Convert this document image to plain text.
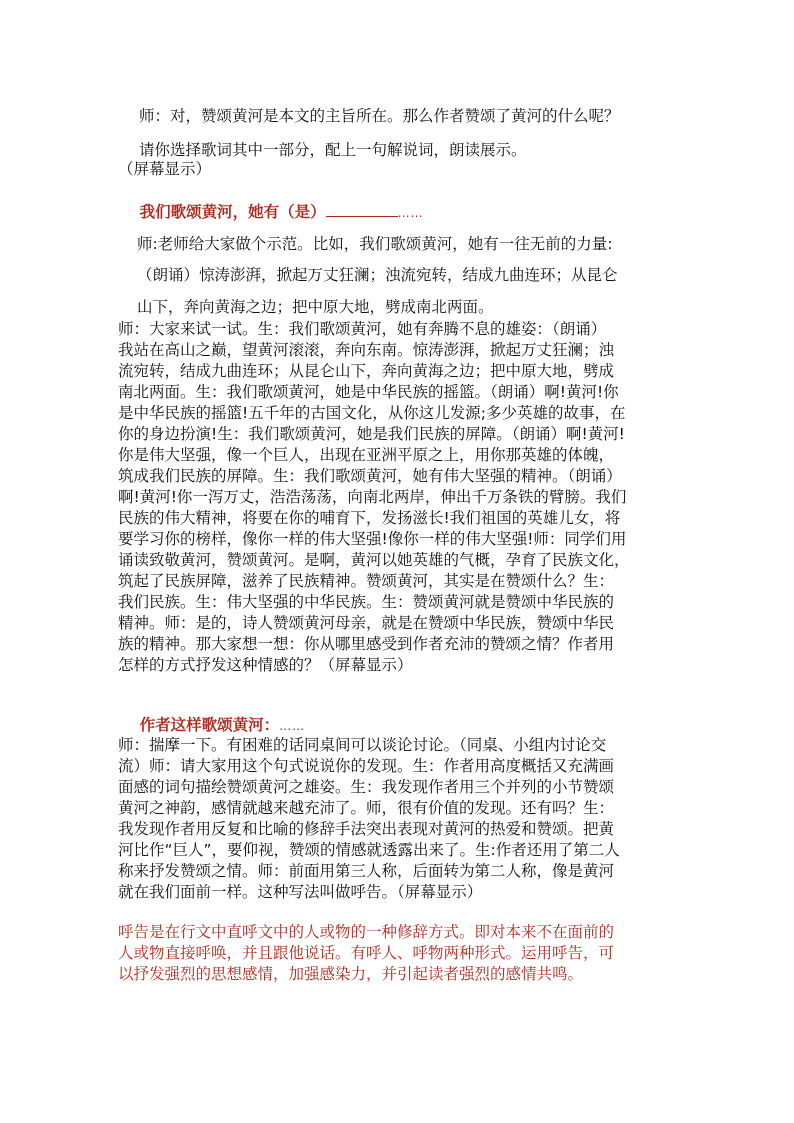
师：对，赞颂黄河是本文的主旨所在。那么作者赞颂了黄河的什么呢？

请你选择歌词其中一部分，配上一句解说词，朗读展示。

（屏幕显示）

我们歌颂黄河，她有（是）	……

师:老师给大家做个示范。比如，我们歌颂黄河，她有一往无前的力量:

（朗诵）惊涛澎湃，掀起万丈狂澜；浊流宛转，结成九曲连环；从昆仑

山下，奔向黄海之边；把中原大地，劈成南北两面。

师：大家来试一试。生：我们歌颂黄河，她有奔腾不息的雄姿：（朗诵）

我站在高山之巅，望黄河滚滚，奔向东南。惊涛澎湃，掀起万丈狂澜；浊

流宛转，结成九曲连环；从昆仑山下，奔向黄海之边；把中原大地，劈成

南北两面。生：我们歌颂黄河，她是中华民族的摇篮。（朗诵）啊!黄河!你

是中华民族的摇篮!五千年的古国文化，从你这儿发源;多少英雄的故事，在

你的身边扮演!生：我们歌颂黄河，她是我们民族的屏障。（朗诵）啊!黄河!

你是伟大坚强，像一个巨人，出现在亚洲平原之上，用你那英雄的体魄，

筑成我们民族的屏障。生：我们歌颂黄河，她有伟大坚强的精神。（朗诵）

啊!黄河!你一泻万丈，浩浩荡荡，向南北两岸，伸出千万条铁的臂膀。我们

民族的伟大精神，将要在你的哺育下，发扬滋长!我们祖国的英雄儿女，将

要学习你的榜样，像你一样的伟大坚强!像你一样的伟大坚强!师：同学们用

诵读致敬黄河，赞颂黄河。是啊，黄河以她英雄的气概，孕育了民族文化，

筑起了民族屏障，滋养了民族精神。赞颂黄河，其实是在赞颂什么？生：

我们民族。生：伟大坚强的中华民族。生：赞颂黄河就是赞颂中华民族的

精神。师：是的，诗人赞颂黄河母亲，就是在赞颂中华民族，赞颂中华民

族的精神。那大家想一想：你从哪里感受到作者充沛的赞颂之情？作者用

怎样的方式抒发这种情感的？（屏幕显示）

作者这样歌颂黄河：……

师：揣摩一下。有困难的话同桌间可以谈论讨论。（同桌、小组内讨论交

流）师：请大家用这个句式说说你的发现。生：作者用高度概括又充满画

面感的词句描绘赞颂黄河之雄姿。生：我发现作者用三个并列的小节赞颂

黄河之神韵，感情就越来越充沛了。师，很有价值的发现。还有吗？生：

我发现作者用反复和比喻的修辞手法突出表现对黄河的热爱和赞颂。把黄

河比作“巨人”，要仰视，赞颂的情感就透露出来了。生:作者还用了第二人

称来抒发赞颂之情。师：前面用第三人称，后面转为第二人称，像是黄河

就在我们面前一样。这种写法叫做呼告。（屏幕显示）

呼告是在行文中直呼文中的人或物的一种修辞方式。即对本来不在面前的

人或物直接呼唤，并且跟他说话。有呼人、呼物两种形式。运用呼告，可

以抒发强烈的思想感情，加强感染力，并引起读者强烈的感情共鸣。
